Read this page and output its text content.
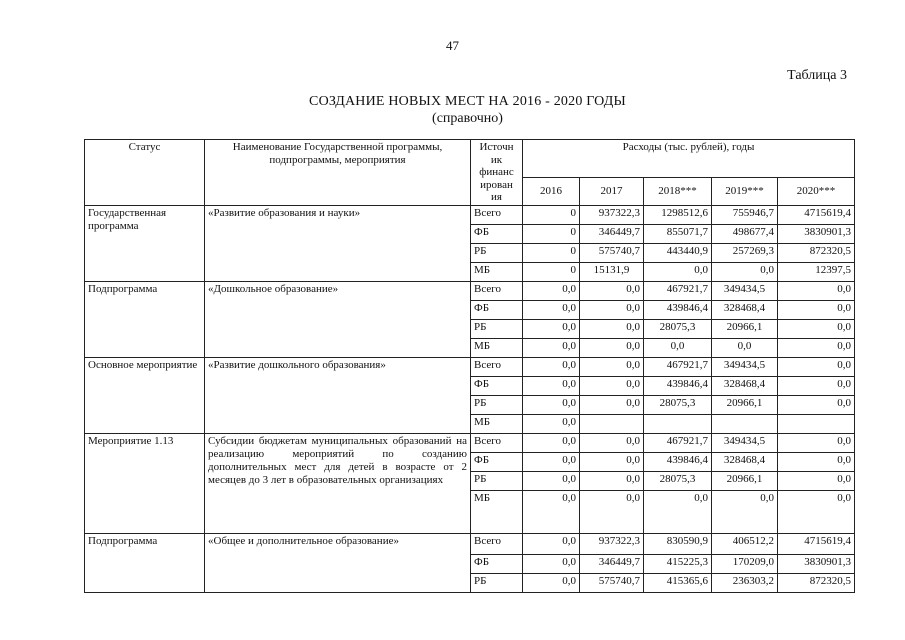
47
Таблица 3
СОЗДАНИЕ НОВЫХ МЕСТ НА 2016 - 2020 ГОДЫ
(справочно)
Статус	Наименование Государственной программы, подпрограммы, мероприятия	Источн ик финанс ирован ия	Расходы (тыс. рублей), годы				
			2016	2017	2018***	2019***	2020***
Государственная программа	«Развитие образования и науки»	Всего	0	937322,3	1298512,6	755946,7	4715619,4
		ФБ	0	346449,7	855071,7	498677,4	3830901,3
		РБ	0	575740,7	443440,9	257269,3	872320,5
		МБ	0	15131,9	0,0	0,0	12397,5
Подпрограмма	«Дошкольное образование»	Всего	0,0	0,0	467921,7	349434,5	0,0
		ФБ	0,0	0,0	439846,4	328468,4	0,0
		РБ	0,0	0,0	28075,3	20966,1	0,0
		МБ	0,0	0,0	0,0	0,0	0,0
Основное мероприятие	«Развитие дошкольного образования»	Всего	0,0	0,0	467921,7	349434,5	0,0
		ФБ	0,0	0,0	439846,4	328468,4	0,0
		РБ	0,0	0,0	28075,3	20966,1	0,0
		МБ	0,0				
Мероприятие 1.13	Субсидии бюджетам муниципальных образований на реализацию мероприятий по созданию дополнительных мест для детей в возрасте от 2 месяцев до 3 лет в образовательных организациях	Всего	0,0	0,0	467921,7	349434,5	0,0
		ФБ	0,0	0,0	439846,4	328468,4	0,0
		РБ	0,0	0,0	28075,3	20966,1	0,0
		МБ	0,0	0,0	0,0	0,0	0,0
Подпрограмма	«Общее и дополнительное образование»	Всего	0,0	937322,3	830590,9	406512,2	4715619,4
		ФБ	0,0	346449,7	415225,3	170209,0	3830901,3
		РБ	0,0	575740,7	415365,6	236303,2	872320,5
